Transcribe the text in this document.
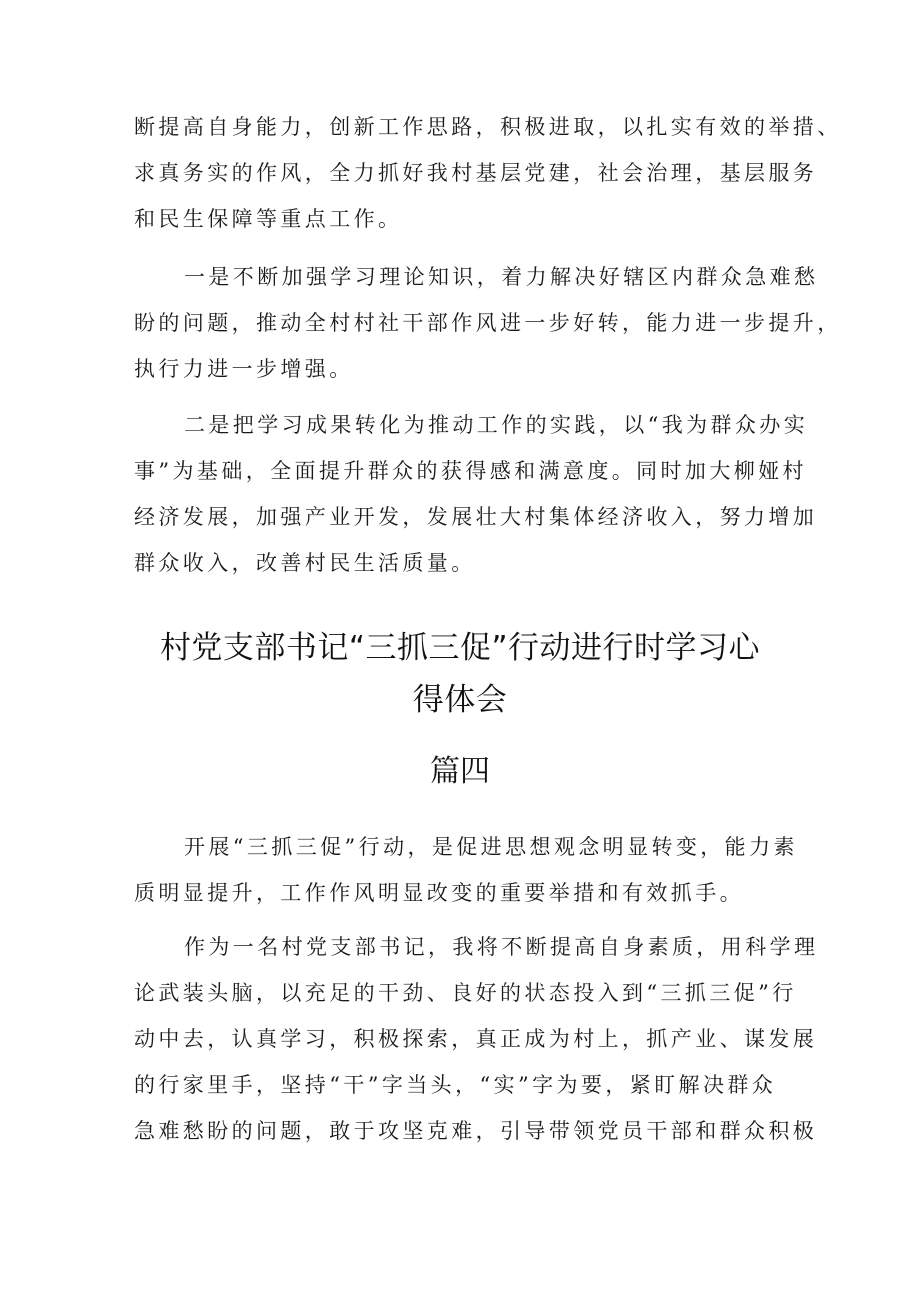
断提高自身能力，创新工作思路，积极进取，以扎实有效的举措、
求真务实的作风，全力抓好我村基层党建，社会治理，基层服务
和民生保障等重点工作。
一是不断加强学习理论知识，着力解决好辖区内群众急难愁
盼的问题，推动全村村社干部作风进一步好转，能力进一步提升，
执行力进一步增强。
二是把学习成果转化为推动工作的实践，以“我为群众办实
事”为基础，全面提升群众的获得感和满意度。同时加大柳娅村
经济发展，加强产业开发，发展壮大村集体经济收入，努力增加
群众收入，改善村民生活质量。
村党支部书记“三抓三促”行动进行时学习心
得体会
篇四
开展“三抓三促”行动，是促进思想观念明显转变，能力素
质明显提升，工作作风明显改变的重要举措和有效抓手。
作为一名村党支部书记，我将不断提高自身素质，用科学理
论武装头脑，以充足的干劲、良好的状态投入到“三抓三促”行
动中去，认真学习，积极探索，真正成为村上，抓产业、谋发展
的行家里手，坚持“干”字当头，“实”字为要，紧盯解决群众
急难愁盼的问题，敢于攻坚克难，引导带领党员干部和群众积极
